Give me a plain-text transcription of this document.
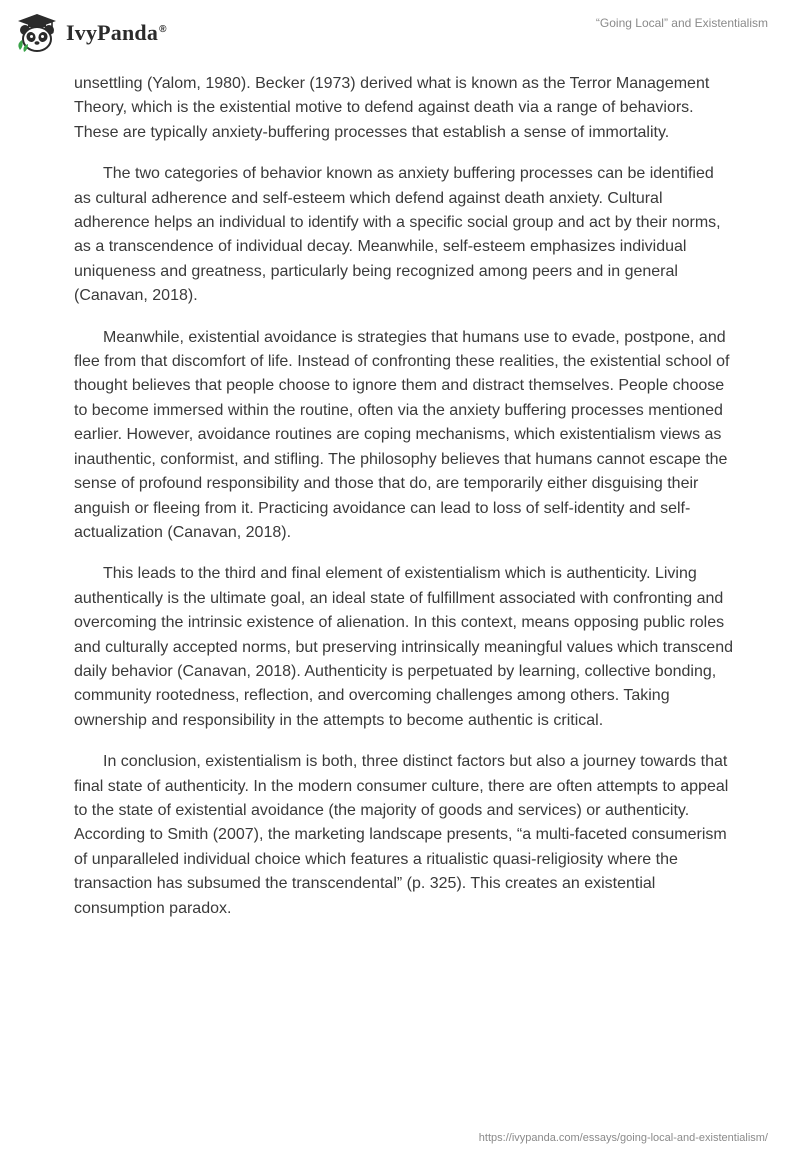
IvyPanda®	“Going Local” and Existentialism

unsettling (Yalom, 1980). Becker (1973) derived what is known as the Terror Management Theory, which is the existential motive to defend against death via a range of behaviors. These are typically anxiety-buffering processes that establish a sense of immortality.

The two categories of behavior known as anxiety buffering processes can be identified as cultural adherence and self-esteem which defend against death anxiety. Cultural adherence helps an individual to identify with a specific social group and act by their norms, as a transcendence of individual decay. Meanwhile, self-esteem emphasizes individual uniqueness and greatness, particularly being recognized among peers and in general (Canavan, 2018).

Meanwhile, existential avoidance is strategies that humans use to evade, postpone, and flee from that discomfort of life. Instead of confronting these realities, the existential school of thought believes that people choose to ignore them and distract themselves. People choose to become immersed within the routine, often via the anxiety buffering processes mentioned earlier. However, avoidance routines are coping mechanisms, which existentialism views as inauthentic, conformist, and stifling. The philosophy believes that humans cannot escape the sense of profound responsibility and those that do, are temporarily either disguising their anguish or fleeing from it. Practicing avoidance can lead to loss of self-identity and self-actualization (Canavan, 2018).

This leads to the third and final element of existentialism which is authenticity. Living authentically is the ultimate goal, an ideal state of fulfillment associated with confronting and overcoming the intrinsic existence of alienation. In this context, means opposing public roles and culturally accepted norms, but preserving intrinsically meaningful values which transcend daily behavior (Canavan, 2018). Authenticity is perpetuated by learning, collective bonding, community rootedness, reflection, and overcoming challenges among others. Taking ownership and responsibility in the attempts to become authentic is critical.

In conclusion, existentialism is both, three distinct factors but also a journey towards that final state of authenticity. In the modern consumer culture, there are often attempts to appeal to the state of existential avoidance (the majority of goods and services) or authenticity. According to Smith (2007), the marketing landscape presents, “a multi-faceted consumerism of unparalleled individual choice which features a ritualistic quasi-religiosity where the transaction has subsumed the transcendental” (p. 325). This creates an existential consumption paradox.

https://ivypanda.com/essays/going-local-and-existentialism/
